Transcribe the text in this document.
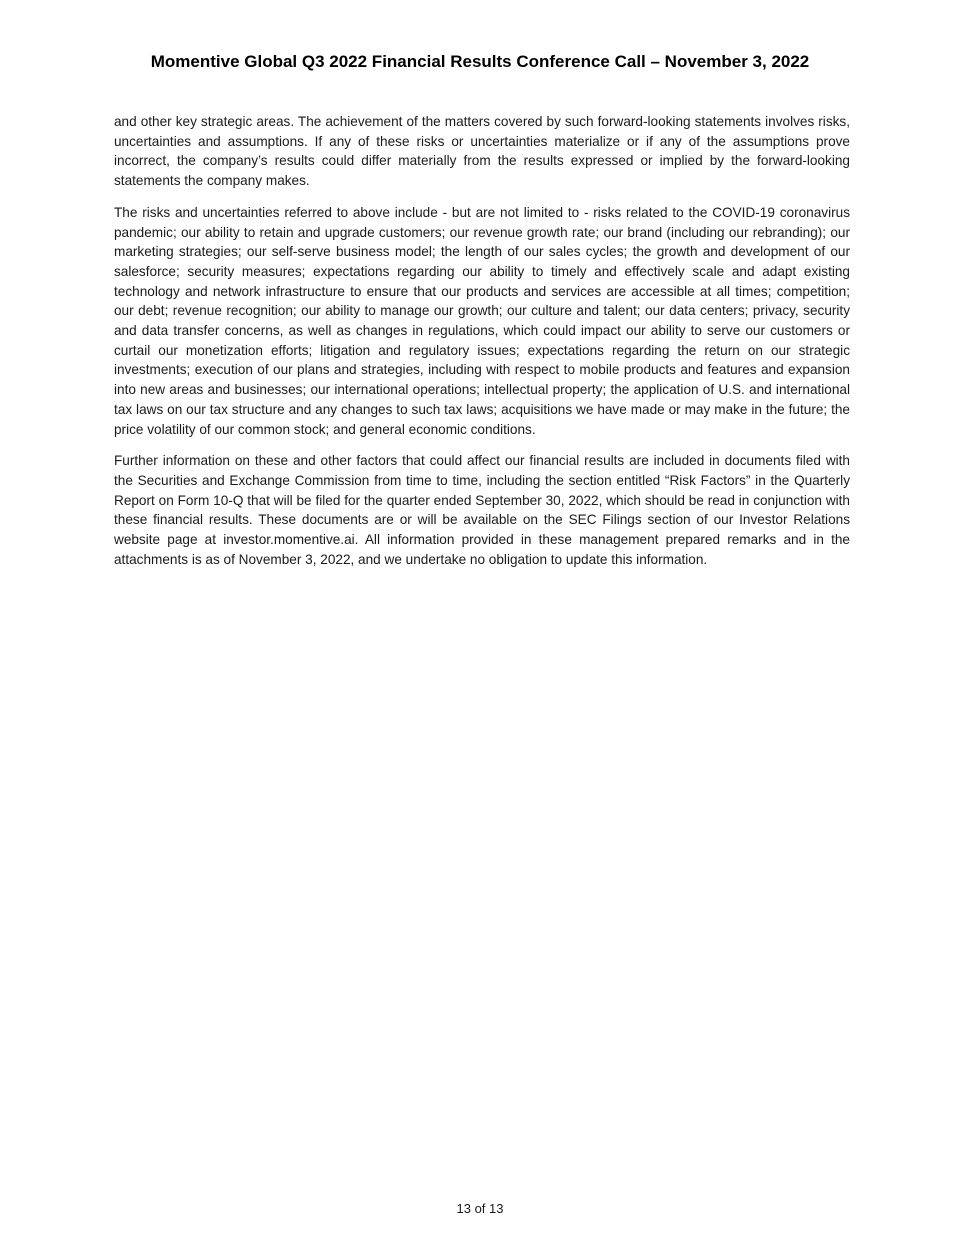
Momentive Global Q3 2022 Financial Results Conference Call – November 3, 2022

and other key strategic areas. The achievement of the matters covered by such forward-looking statements involves risks, uncertainties and assumptions. If any of these risks or uncertainties materialize or if any of the assumptions prove incorrect, the company’s results could differ materially from the results expressed or implied by the forward-looking statements the company makes.

The risks and uncertainties referred to above include - but are not limited to - risks related to the COVID-19 coronavirus pandemic; our ability to retain and upgrade customers; our revenue growth rate; our brand (including our rebranding); our marketing strategies; our self-serve business model; the length of our sales cycles; the growth and development of our salesforce; security measures; expectations regarding our ability to timely and effectively scale and adapt existing technology and network infrastructure to ensure that our products and services are accessible at all times; competition; our debt; revenue recognition; our ability to manage our growth; our culture and talent; our data centers; privacy, security and data transfer concerns, as well as changes in regulations, which could impact our ability to serve our customers or curtail our monetization efforts; litigation and regulatory issues; expectations regarding the return on our strategic investments; execution of our plans and strategies, including with respect to mobile products and features and expansion into new areas and businesses; our international operations; intellectual property; the application of U.S. and international tax laws on our tax structure and any changes to such tax laws; acquisitions we have made or may make in the future; the price volatility of our common stock; and general economic conditions.

Further information on these and other factors that could affect our financial results are included in documents filed with the Securities and Exchange Commission from time to time, including the section entitled “Risk Factors” in the Quarterly Report on Form 10-Q that will be filed for the quarter ended September 30, 2022, which should be read in conjunction with these financial results. These documents are or will be available on the SEC Filings section of our Investor Relations website page at investor.momentive.ai. All information provided in these management prepared remarks and in the attachments is as of November 3, 2022, and we undertake no obligation to update this information.

13 of 13
